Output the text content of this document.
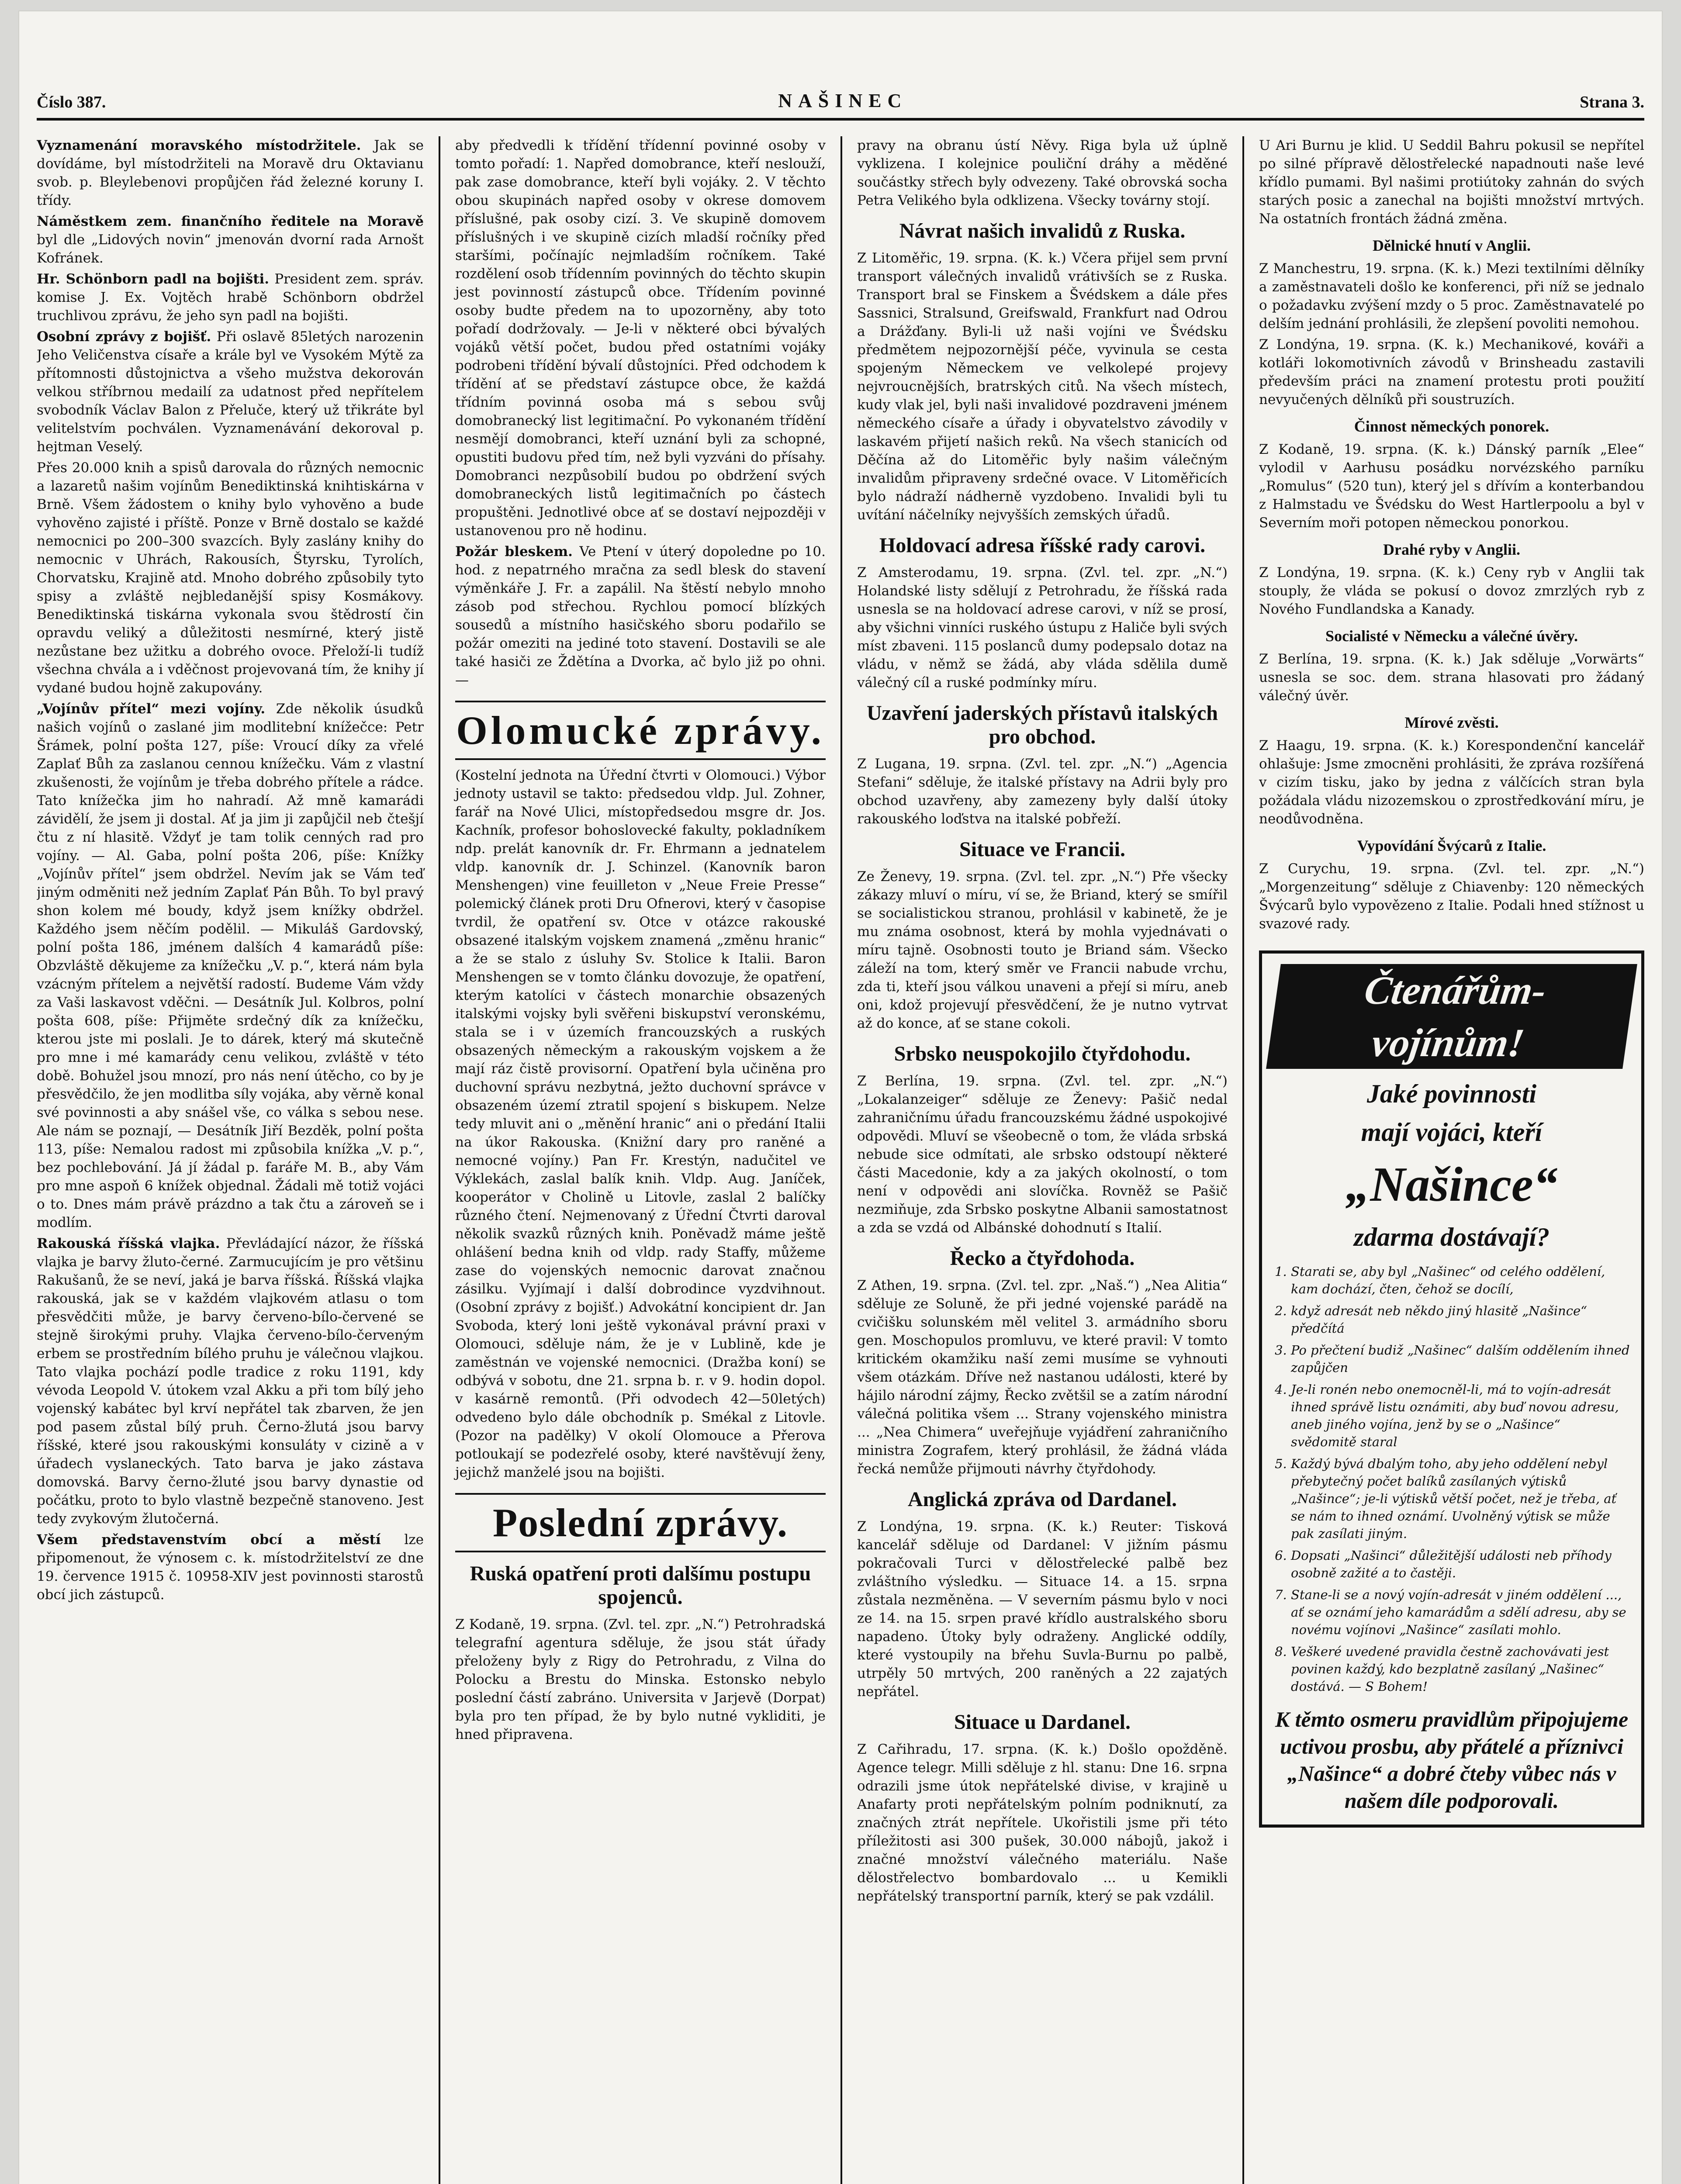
Číslo 387.	NAŠINEC	Strana 3.

Vyznamenání moravského místodržitele. Jak se dovídáme, byl místodržiteli na Moravě dru Oktavianu svob. p. Bleylebenovi propůjčen řád železné koruny I. třídy.

Náměstkem zem. finančního ředitele na Moravě byl dle „Lidových novin“ jmenován dvorní rada Arnošt Kofránek.

Hr. Schönborn padl na bojišti. President zem. správ. komise J. Ex. Vojtěch hrabě Schönborn obdržel truchlivou zprávu, že jeho syn padl na bojišti.

Osobní zprávy z bojišť. Při oslavě 85letých narozenin Jeho Veličenstva císaře a krále byl ve Vysokém Mýtě za přítomnosti důstojnictva a všeho mužstva dekorován velkou stříbrnou medailí za udatnost před nepřítelem svobodník Václav Balon z Přeluče, který už třikráte byl velitelstvím pochválen. Vyznamenávání dekoroval p. hejtman Veselý.

Přes 20.000 knih a spisů darovala do různých nemocnic a lazaretů našim vojínům Benediktinská knihtiskárna v Brně. Všem žádostem o knihy bylo vyhověno a bude vyhověno zajisté i příště. Ponze v Brně dostalo se každé nemocnici po 200–300 svazcích. Byly zaslány knihy do nemocnic v Uhrách, Rakousích, Štyrsku, Tyrolích, Chorvatsku, Krajině atd. Mnoho dobrého způsobily tyto spisy a zvláště nejbledanější spisy Kosmákovy. Benediktinská tiskárna vykonala svou štědrostí čin opravdu veliký a důležitosti nesmírné, který jistě nezůstane bez užitku a dobrého ovoce. Přeloží-li tudíž všechna chvála a i vděčnost projevovaná tím, že knihy jí vydané budou hojně zakupovány.

„Vojínův přítel“ mezi vojíny. Zde několik úsudků našich vojínů o zaslané jim modlitební knížečce: Petr Šrámek, polní pošta 127, píše: Vroucí díky za vřelé Zaplať Bůh za zaslanou cennou knížečku. Vám z vlastní zkušenosti, že vojínům je třeba dobrého přítele a rádce. Tato knížečka jim ho nahradí. Až mně kamarádi závidělí, že jsem ji dostal. Ať ja jim ji zapůjčil neb čtešjí čtu z ní hlasitě. Vždyť je tam tolik cenných rad pro vojíny. — Al. Gaba, polní pošta 206, píše: Knížky „Vojínův přítel“ jsem obdržel. Nevím jak se Vám teď jiným odměniti než jedním Zaplať Pán Bůh. To byl pravý shon kolem mé boudy, když jsem knížky obdržel. Každého jsem něčím podělil. — Mikuláš Gardovský, polní pošta 186, jménem dalších 4 kamarádů píše: Obzvláště děkujeme za knížečku „V. p.“, která nám byla vzácným přítelem a největší radostí. Budeme Vám vždy za Vaši laskavost vděčni. — Desátník Jul. Kolbros, polní pošta 608, píše: Přijměte srdečný dík za knížečku, kterou jste mi poslali. Je to dárek, který má skutečně pro mne i mé kamarády cenu velikou, zvláště v této době. Bohužel jsou mnozí, pro nás není útěcho, co by je přesvědčilo, že jen modlitba síly vojáka, aby věrně konal své povinnosti a aby snášel vše, co válka s sebou nese. Ale nám se poznají, — Desátník Jiří Bezděk, polní pošta 113, píše: Nemalou radost mi způsobila knížka „V. p.“, bez pochlebování. Já jí žádal p. faráře M. B., aby Vám pro mne aspoň 6 knížek objednal. Žádali mě totiž vojáci o to. Dnes mám právě prázdno a tak čtu a zároveň se i modlím.

Rakouská říšská vlajka. Převládající názor, že říšská vlajka je barvy žluto-černé. Zarmucujícím je pro většinu Rakušanů, že se neví, jaká je barva říšská. Říšská vlajka rakouská, jak se v každém vlajkovém atlasu o tom přesvědčiti může, je barvy červeno-bílo-červené se stejně širokými pruhy. Vlajka červeno-bílo-červeným erbem se prostředním bílého pruhu je válečnou vlajkou. Tato vlajka pochází podle tradice z roku 1191, kdy vévoda Leopold V. útokem vzal Akku a při tom bílý jeho vojenský kabátec byl krví nepřátel tak zbarven, že jen pod pasem zůstal bílý pruh. Černo-žlutá jsou barvy říšské, které jsou rakouskými konsuláty v cizině a v úřadech vyslaneckých. Tato barva je jako zástava domovská. Barvy černo-žluté jsou barvy dynastie od počátku, proto to bylo vlastně bezpečně stanoveno. Jest tedy zvykovým žlutočerná.

Všem představenstvím obcí a městí lze připomenout, že výnosem c. k. místodržitelství ze dne 19. července 1915 č. 10958-XIV jest povinnosti starostů obcí jich zástupců.

aby předvedli k třídění třídenní povinné osoby v tomto pořadí: 1. Napřed domobrance, kteří neslouží, pak zase domobrance, kteří byli vojáky. 2. V těchto obou skupinách napřed osoby v okrese domovem příslušné, pak osoby cizí. 3. Ve skupině domovem příslušných i ve skupině cizích mladší ročníky před staršími, počínajíc nejmladším ročníkem. Také rozdělení osob třídenním povinných do těchto skupin jest povinností zástupců obce. Třídením povinné osoby budte předem na to upozorněny, aby toto pořadí dodržovaly. — Je-li v některé obci bývalých vojáků větší počet, budou před ostatními vojáky podrobeni třídění bývalí důstojníci. Před odchodem k třídění ať se představí zástupce obce, že každá třídním povinná osoba má s sebou svůj domobranecký list legitimační. Po vykonaném třídění nesmějí domobranci, kteří uznání byli za schopné, opustiti budovu před tím, než byli vyzváni do přísahy. Domobranci nezpůsobilí budou po obdržení svých domobraneckých listů legitimačních po částech propuštěni. Jednotlivé obce ať se dostaví nejpozději v ustanovenou pro ně hodinu.

Požár bleskem. Ve Ptení v úterý dopoledne po 10. hod. z nepatrného mračna za sedl blesk do stavení výměnkáře J. Fr. a zapálil. Na štěstí nebylo mnoho zásob pod střechou. Rychlou pomocí blízkých sousedů a místního hasičského sboru podařilo se požár omeziti na jediné toto stavení. Dostavili se ale také hasiči ze Ždětína a Dvorka, ač bylo již po ohni. —

Olomucké zprávy.

(Kostelní jednota na Úřední čtvrti v Olomouci.) Výbor jednoty ustavil se takto: předsedou vldp. Jul. Zohner, farář na Nové Ulici, místopředsedou msgre dr. Jos. Kachník, profesor bohoslovecké fakulty, pokladníkem ndp. prelát kanovník dr. Fr. Ehrmann a jednatelem vldp. kanovník dr. J. Schinzel. (Kanovník baron Menshengen) vine feuilleton v „Neue Freie Presse“ polemický článek proti Dru Ofnerovi, který v časopise tvrdil, že opatření sv. Otce v otázce rakouské obsazené italským vojskem znamená „změnu hranic“ a že se stalo z úsluhy Sv. Stolice k Italii. Baron Menshengen se v tomto článku dovozuje, že opatření, kterým katolíci v částech monarchie obsazených italskými vojsky byli svěřeni biskupství veronskému, stala se i v územích francouzských a ruských obsazených německým a rakouským vojskem a že mají ráz čistě provisorní. Opatření byla učiněna pro duchovní správu nezbytná, ježto duchovní správce v obsazeném území ztratil spojení s biskupem. Nelze tedy mluvit ani o „měnění hranic“ ani o předání Italii na úkor Rakouska. (Knižní dary pro raněné a nemocné vojíny.) Pan Fr. Krestýn, nadučitel ve Výklekách, zaslal balík knih. Vldp. Aug. Janíček, kooperátor v Cholině u Litovle, zaslal 2 balíčky různého čtení. Nejmenovaný z Úřední Čtvrti daroval několik svazků různých knih. Poněvadž máme ještě ohlášení bedna knih od vldp. rady Staffy, můžeme zase do vojenských nemocnic darovat značnou zásilku. Vyjímají i další dobrodince vyzdvihnout. (Osobní zprávy z bojišť.) Advokátní koncipient dr. Jan Svoboda, který loni ještě vykonával právní praxi v Olomouci, sděluje nám, že je v Lublině, kde je zaměstnán ve vojenské nemocnici. (Dražba koní) se odbývá v sobotu, dne 21. srpna b. r. v 9. hodin dopol. v kasárně remontů. (Při odvodech 42—50letých) odvedeno bylo dále obchodník p. Smékal z Litovle. (Pozor na padělky) V okolí Olomouce a Přerova potloukají se podezřelé osoby, které navštěvují ženy, jejichž manželé jsou na bojišti.

Poslední zprávy.
Ruská opatření proti dalšímu postupu spojenců.

Z Kodaně, 19. srpna. (Zvl. tel. zpr. „N.“) Petrohradská telegrafní agentura sděluje, že jsou stát úřady přeloženy byly z Rigy do Petrohradu, z Vilna do Polocku a Brestu do Minska. Estonsko nebylo poslední částí zabráno. Universita v Jarjevě (Dorpat) byla pro ten případ, že by bylo nutné vykliditi, je hned připravena.

pravy na obranu ústí Něvy. Riga byla už úplně vyklizena. I kolejnice pouliční dráhy a měděné součástky střech byly odvezeny. Také obrovská socha Petra Velikého byla odklizena. Všecky továrny stojí.

Návrat našich invalidů z Ruska.

Z Litoměřic, 19. srpna. (K. k.) Včera přijel sem první transport válečných invalidů vrátivších se z Ruska. Transport bral se Finskem a Švédskem a dále přes Sassnici, Stralsund, Greifswald, Frankfurt nad Odrou a Drážďany. Byli-li už naši vojíni ve Švédsku předmětem nejpozornější péče, vyvinula se cesta spojeným Německem ve velkolepé projevy nejvroucnějších, bratrských citů. Na všech místech, kudy vlak jel, byli naši invalidové pozdraveni jménem německého císaře a úřady i obyvatelstvo závodily v laskavém přijetí našich reků. Na všech stanicích od Děčína až do Litoměřic byly našim válečným invalidům připraveny srdečné ovace. V Litoměřicích bylo nádraží nádherně vyzdobeno. Invalidi byli tu uvítání náčelníky nejvyšších zemských úřadů.

Holdovací adresa říšské rady carovi.

Z Amsterodamu, 19. srpna. (Zvl. tel. zpr. „N.“) Holandské listy sdělují z Petrohradu, že říšská rada usnesla se na holdovací adrese carovi, v níž se prosí, aby všichni vinníci ruského ústupu z Haliče byli svých míst zbaveni. 115 poslanců dumy podepsalo dotaz na vládu, v němž se žádá, aby vláda sdělila dumě válečný cíl a ruské podmínky míru.

Uzavření jaderských přístavů italských pro obchod.

Z Lugana, 19. srpna. (Zvl. tel. zpr. „N.“) „Agencia Stefani“ sděluje, že italské přístavy na Adrii byly pro obchod uzavřeny, aby zamezeny byly další útoky rakouského loďstva na italské pobřeží.

Situace ve Francii.

Ze Ženevy, 19. srpna. (Zvl. tel. zpr. „N.“) Pře všecky zákazy mluví o míru, ví se, že Briand, který se smířil se socialistickou stranou, prohlásil v kabinetě, že je mu známa osobnost, která by mohla vyjednávati o míru tajně. Osobnosti touto je Briand sám. Všecko záleží na tom, který směr ve Francii nabude vrchu, zda ti, kteří jsou válkou unaveni a přejí si míru, aneb oni, kdož projevují přesvědčení, že je nutno vytrvat až do konce, ať se stane cokoli.

Srbsko neuspokojilo čtyřdohodu.

Z Berlína, 19. srpna. (Zvl. tel. zpr. „N.“) „Lokalanzeiger“ sděluje ze Ženevy: Pašič nedal zahraničnímu úřadu francouzskému žádné uspokojivé odpovědi. Mluví se všeobecně o tom, že vláda srbská nebude sice odmítati, ale srbsko odstoupí některé části Macedonie, kdy a za jakých okolností, o tom není v odpovědi ani slovíčka. Rovněž se Pašič nezmiňuje, zda Srbsko poskytne Albanii samostatnost a zda se vzdá od Albánské dohodnutí s Italií.

Řecko a čtyřdohoda.

Z Athen, 19. srpna. (Zvl. tel. zpr. „Naš.“) „Nea Alitia“ sděluje ze Soluně, že při jedné vojenské parádě na cvičišku solunském měl velitel 3. armádního sboru gen. Moschopulos promluvu, ve které pravil: V tomto kritickém okamžiku naší zemi musíme se vyhnouti všem otázkám. Dříve než nastanou události, které by hájilo národní zájmy, Řecko zvětšil se a zatím národní válečná politika všem ... Strany vojenského ministra ... „Nea Chimera“ uveřejňuje vyjádření zahraničního ministra Zografem, který prohlásil, že žádná vláda řecká nemůže přijmouti návrhy čtyřdohody.

Anglická zpráva od Dardanel.

Z Londýna, 19. srpna. (K. k.) Reuter: Tisková kancelář sděluje od Dardanel: V jižním pásmu pokračovali Turci v dělostřelecké palbě bez zvláštního výsledku. — Situace 14. a 15. srpna zůstala nezměněna. — V severním pásmu bylo v noci ze 14. na 15. srpen pravé křídlo australského sboru napadeno. Útoky byly odraženy. Anglické oddíly, které vystoupily na břehu Suvla-Burnu po palbě, utrpěly 50 mrtvých, 200 raněných a 22 zajatých nepřátel.

Situace u Dardanel.

Z Cařihradu, 17. srpna. (K. k.) Došlo opožděně. Agence telegr. Milli sděluje z hl. stanu: Dne 16. srpna odrazili jsme útok nepřátelské divise, v krajině u Anafarty proti nepřátelským polním podniknutí, za značných ztrát nepřítele. Ukořistili jsme při této příležitosti asi 300 pušek, 30.000 nábojů, jakož i značné množství válečného materiálu. Naše dělostřelectvo bombardovalo ... u Kemikli nepřátelský transportní parník, který se pak vzdálil.

U Ari Burnu je klid. U Seddil Bahru pokusil se nepřítel po silné přípravě dělostřelecké napadnouti naše levé křídlo pumami. Byl našimi protiútoky zahnán do svých starých posic a zanechal na bojišti množství mrtvých. Na ostatních frontách žádná změna.

Dělnické hnutí v Anglii.

Z Manchestru, 19. srpna. (K. k.) Mezi textilními dělníky a zaměstnavateli došlo ke konferenci, při níž se jednalo o požadavku zvýšení mzdy o 5 proc. Zaměstnavatelé po delším jednání prohlásili, že zlepšení povoliti nemohou.

Z Londýna, 19. srpna. (K. k.) Mechanikové, kováři a kotláři lokomotivních závodů v Brinsheadu zastavili především práci na znamení protestu proti použití nevyučených dělníků při soustruzích.

Činnost německých ponorek.

Z Kodaně, 19. srpna. (K. k.) Dánský parník „Elee“ vylodil v Aarhusu posádku norvézského parníku „Romulus“ (520 tun), který jel s dřívím a konterbandou z Halmstadu ve Švédsku do West Hartlerpoolu a byl v Severním moři potopen německou ponorkou.

Drahé ryby v Anglii.

Z Londýna, 19. srpna. (K. k.) Ceny ryb v Anglii tak stouply, že vláda se pokusí o dovoz zmrzlých ryb z Nového Fundlandska a Kanady.

Socialisté v Německu a válečné úvěry.

Z Berlína, 19. srpna. (K. k.) Jak sděluje „Vorwärts“ usnesla se soc. dem. strana hlasovati pro žádaný válečný úvěr.

Mírové zvěsti.

Z Haagu, 19. srpna. (K. k.) Korespondenční kancelář ohlašuje: Jsme zmocněni prohlásiti, že zpráva rozšířená v cizím tisku, jako by jedna z válčících stran byla požádala vládu nizozemskou o zprostředkování míru, je neodůvodněna.

Vypovídání Švýcarů z Italie.

Z Curychu, 19. srpna. (Zvl. tel. zpr. „N.“) „Morgenzeitung“ sděluje z Chiavenby: 120 německých Švýcarů bylo vypovězeno z Italie. Podali hned stížnost u svazové rady.

Čtenářům-
vojínům!
Jaké povinnosti
mají vojáci, kteří
„Našince“
zdarma dostávají?
1. Starati se, aby byl „Našinec“ od celého oddělení, kam dochází, čten, čehož se docílí,
2. když adresát neb někdo jiný hlasitě „Našince“ předčítá
3. Po přečtení budiž „Našinec“ dalším oddělením ihned zapůjčen
4. Je-li ronén nebo onemocněl-li, má to vojín-adresát ihned správě listu oznámiti, aby buď novou adresu, aneb jiného vojína, jenž by se o „Našince“ svědomitě staral
5. Každý bývá dbalým toho, aby jeho oddělení nebyl přebytečný počet balíků zasílaných výtisků „Našince“; je-li výtisků větší počet, než je třeba, ať se nám to ihned oznámí. Uvolněný výtisk se může pak zasílati jiným.
6. Dopsati „Našinci“ důležitější události neb příhody osobně zažité a to častěji.
7. Stane-li se a nový vojín-adresát v jiném oddělení ..., ať se oznámí jeho kamarádům a sdělí adresu, aby se novému vojínovi „Našince“ zasílati mohlo.
8. Veškeré uvedené pravidla čestně zachovávati jest povinen každý, kdo bezplatně zasílaný „Našinec“ dostává. — S Bohem!
K těmto osmeru pravidlům připojujeme uctivou prosbu, aby přátelé a příznivci „Našince“ a dobré čteby vůbec nás v našem díle podporovali.
